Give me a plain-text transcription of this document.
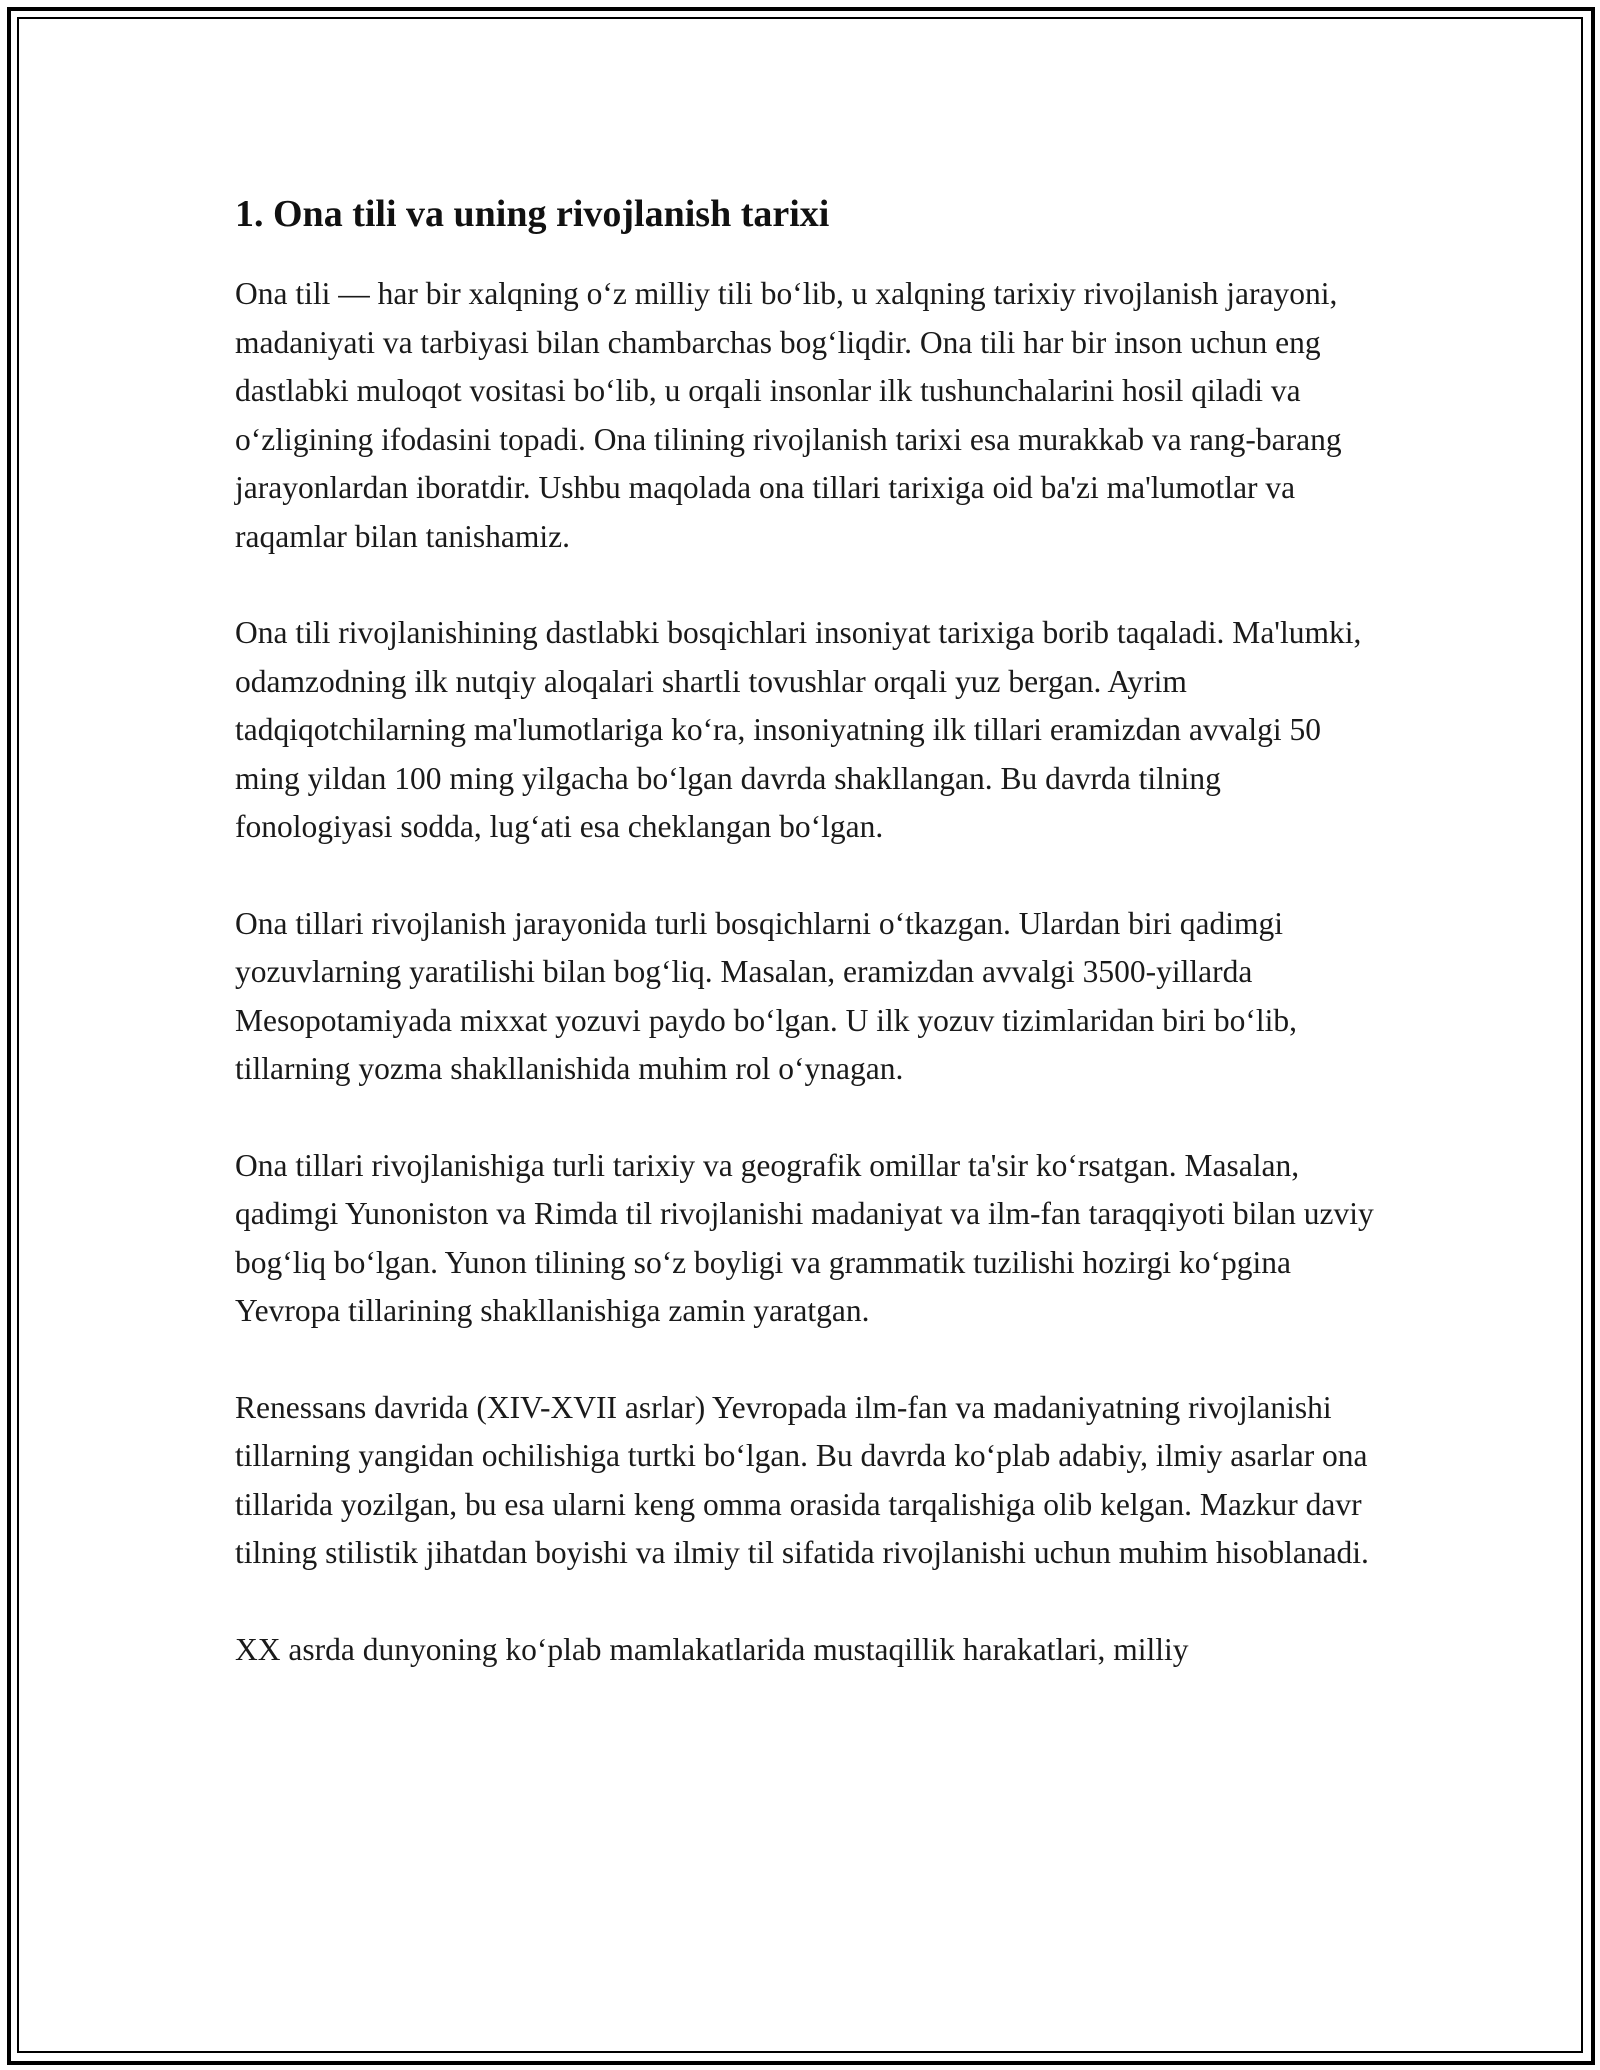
1. Ona tili va uning rivojlanish tarixi

Ona tili — har bir xalqning o‘z milliy tili bo‘lib, u xalqning tarixiy rivojlanish jarayoni, madaniyati va tarbiyasi bilan chambarchas bog‘liqdir. Ona tili har bir inson uchun eng dastlabki muloqot vositasi bo‘lib, u orqali insonlar ilk tushunchalarini hosil qiladi va o‘zligining ifodasini topadi. Ona tilining rivojlanish tarixi esa murakkab va rang-barang jarayonlardan iboratdir. Ushbu maqolada ona tillari tarixiga oid ba'zi ma'lumotlar va raqamlar bilan tanishamiz.

Ona tili rivojlanishining dastlabki bosqichlari insoniyat tarixiga borib taqaladi. Ma'lumki, odamzodning ilk nutqiy aloqalari shartli tovushlar orqali yuz bergan. Ayrim tadqiqotchilarning ma'lumotlariga ko‘ra, insoniyatning ilk tillari eramizdan avvalgi 50 ming yildan 100 ming yilgacha bo‘lgan davrda shakllangan. Bu davrda tilning fonologiyasi sodda, lug‘ati esa cheklangan bo‘lgan.

Ona tillari rivojlanish jarayonida turli bosqichlarni o‘tkazgan. Ulardan biri qadimgi yozuvlarning yaratilishi bilan bog‘liq. Masalan, eramizdan avvalgi 3500-yillarda Mesopotamiyada mixxat yozuvi paydo bo‘lgan. U ilk yozuv tizimlaridan biri bo‘lib, tillarning yozma shakllanishida muhim rol o‘ynagan.

Ona tillari rivojlanishiga turli tarixiy va geografik omillar ta'sir ko‘rsatgan. Masalan, qadimgi Yunoniston va Rimda til rivojlanishi madaniyat va ilm-fan taraqqiyoti bilan uzviy bog‘liq bo‘lgan. Yunon tilining so‘z boyligi va grammatik tuzilishi hozirgi ko‘pgina Yevropa tillarining shakllanishiga zamin yaratgan.

Renessans davrida (XIV-XVII asrlar) Yevropada ilm-fan va madaniyatning rivojlanishi tillarning yangidan ochilishiga turtki bo‘lgan. Bu davrda ko‘plab adabiy, ilmiy asarlar ona tillarida yozilgan, bu esa ularni keng omma orasida tarqalishiga olib kelgan. Mazkur davr tilning stilistik jihatdan boyishi va ilmiy til sifatida rivojlanishi uchun muhim hisoblanadi.

XX asrda dunyoning ko‘plab mamlakatlarida mustaqillik harakatlari, milliy
